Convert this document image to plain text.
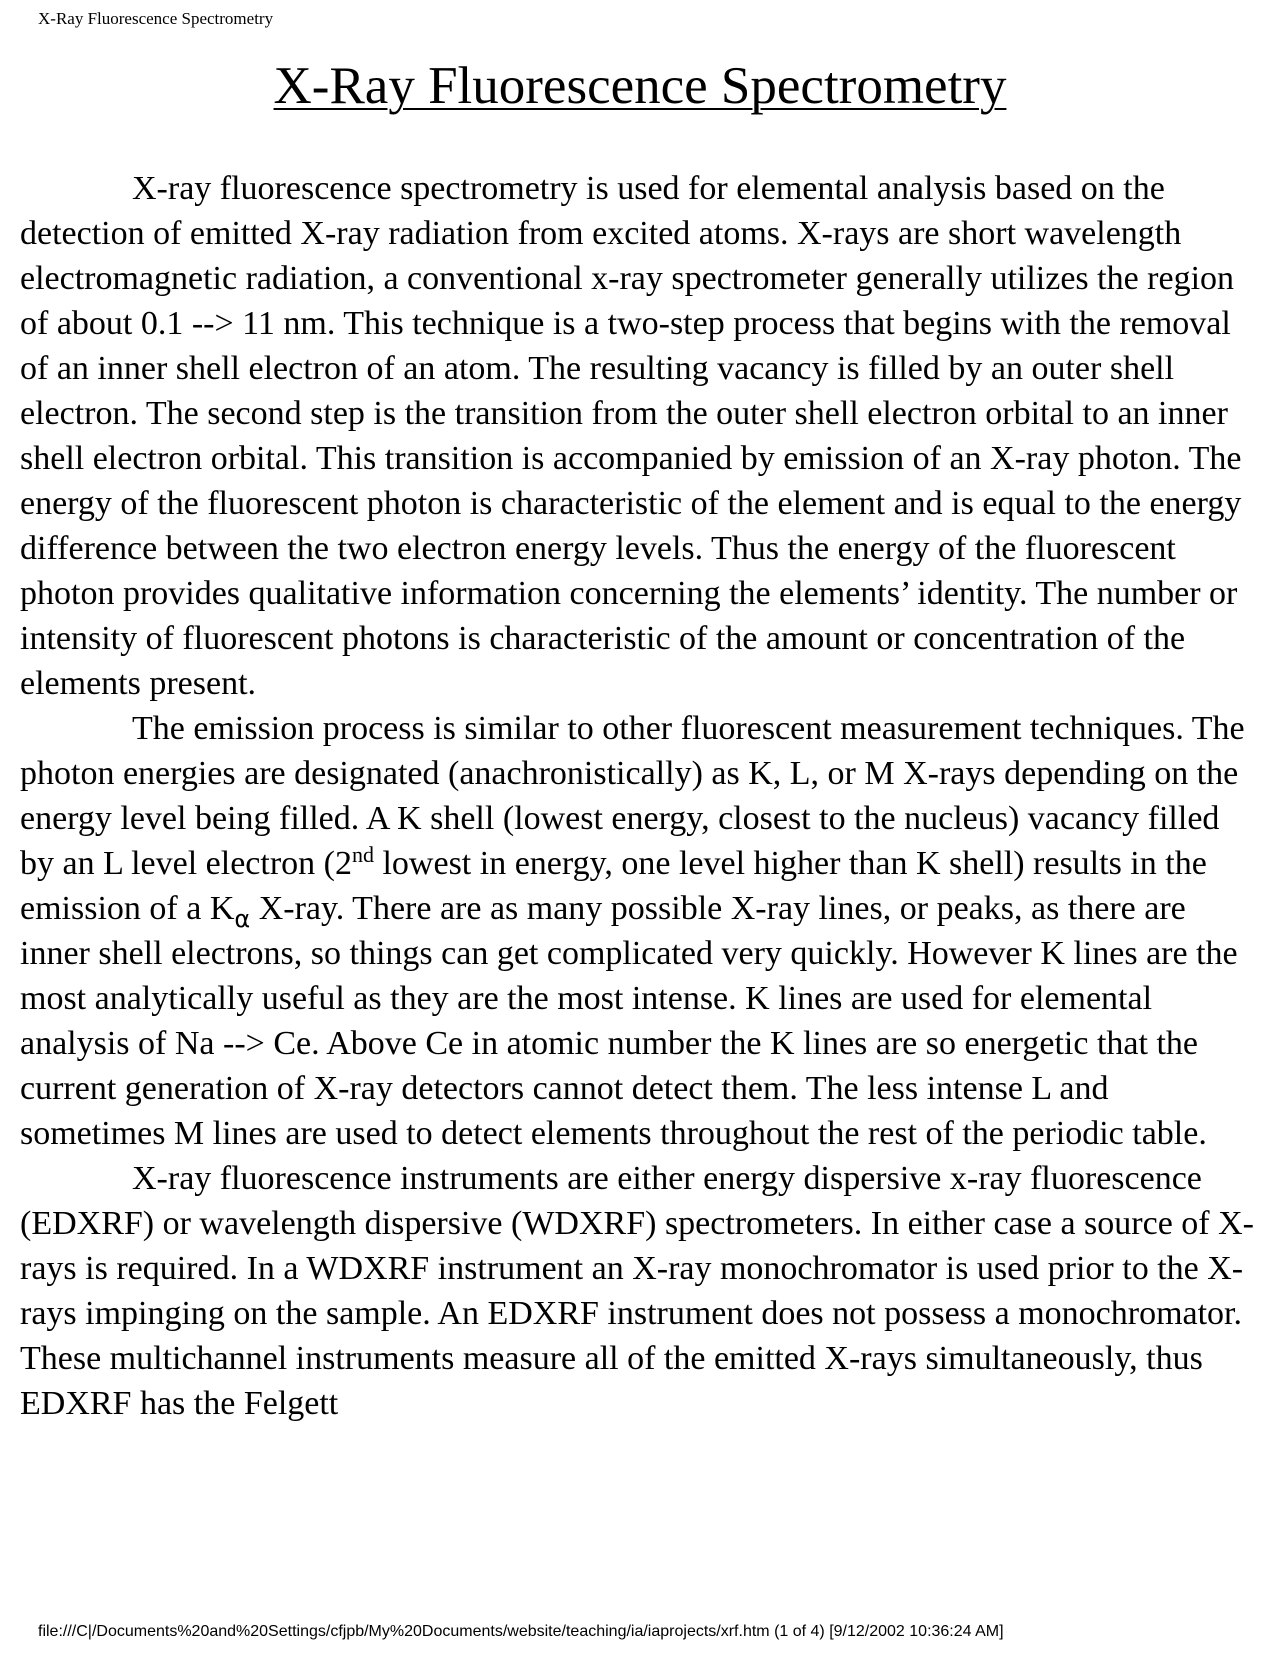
X-Ray Fluorescence Spectrometry
X-Ray Fluorescence Spectrometry

X-ray fluorescence spectrometry is used for elemental analysis based on the detection of emitted X-ray radiation from excited atoms. X-rays are short wavelength electromagnetic radiation, a conventional x-ray spectrometer generally utilizes the region of about 0.1 --> 11 nm. This technique is a two-step process that begins with the removal of an inner shell electron of an atom. The resulting vacancy is filled by an outer shell electron. The second step is the transition from the outer shell electron orbital to an inner shell electron orbital. This transition is accompanied by emission of an X-ray photon. The energy of the fluorescent photon is characteristic of the element and is equal to the energy difference between the two electron energy levels. Thus the energy of the fluorescent photon provides qualitative information concerning the elements’ identity. The number or intensity of fluorescent photons is characteristic of the amount or concentration of the elements present.

The emission process is similar to other fluorescent measurement techniques. The photon energies are designated (anachronistically) as K, L, or M X-rays depending on the energy level being filled. A K shell (lowest energy, closest to the nucleus) vacancy filled by an L level electron (2nd lowest in energy, one level higher than K shell) results in the emission of a $K_\alpha$ X-ray. There are as many possible X-ray lines, or peaks, as there are inner shell electrons, so things can get complicated very quickly. However K lines are the most analytically useful as they are the most intense. K lines are used for elemental analysis of Na --> Ce. Above Ce in atomic number the K lines are so energetic that the current generation of X-ray detectors cannot detect them. The less intense L and sometimes M lines are used to detect elements throughout the rest of the periodic table.

X-ray fluorescence instruments are either energy dispersive x-ray fluorescence (EDXRF) or wavelength dispersive (WDXRF) spectrometers. In either case a source of X-rays is required. In a WDXRF instrument an X-ray monochromator is used prior to the X-rays impinging on the sample. An EDXRF instrument does not possess a monochromator. These multichannel instruments measure all of the emitted X-rays simultaneously, thus EDXRF has the Felgett

file:///C|/Documents%20and%20Settings/cfjpb/My%20Documents/website/teaching/ia/iaprojects/xrf.htm (1 of 4) [9/12/2002 10:36:24 AM]
